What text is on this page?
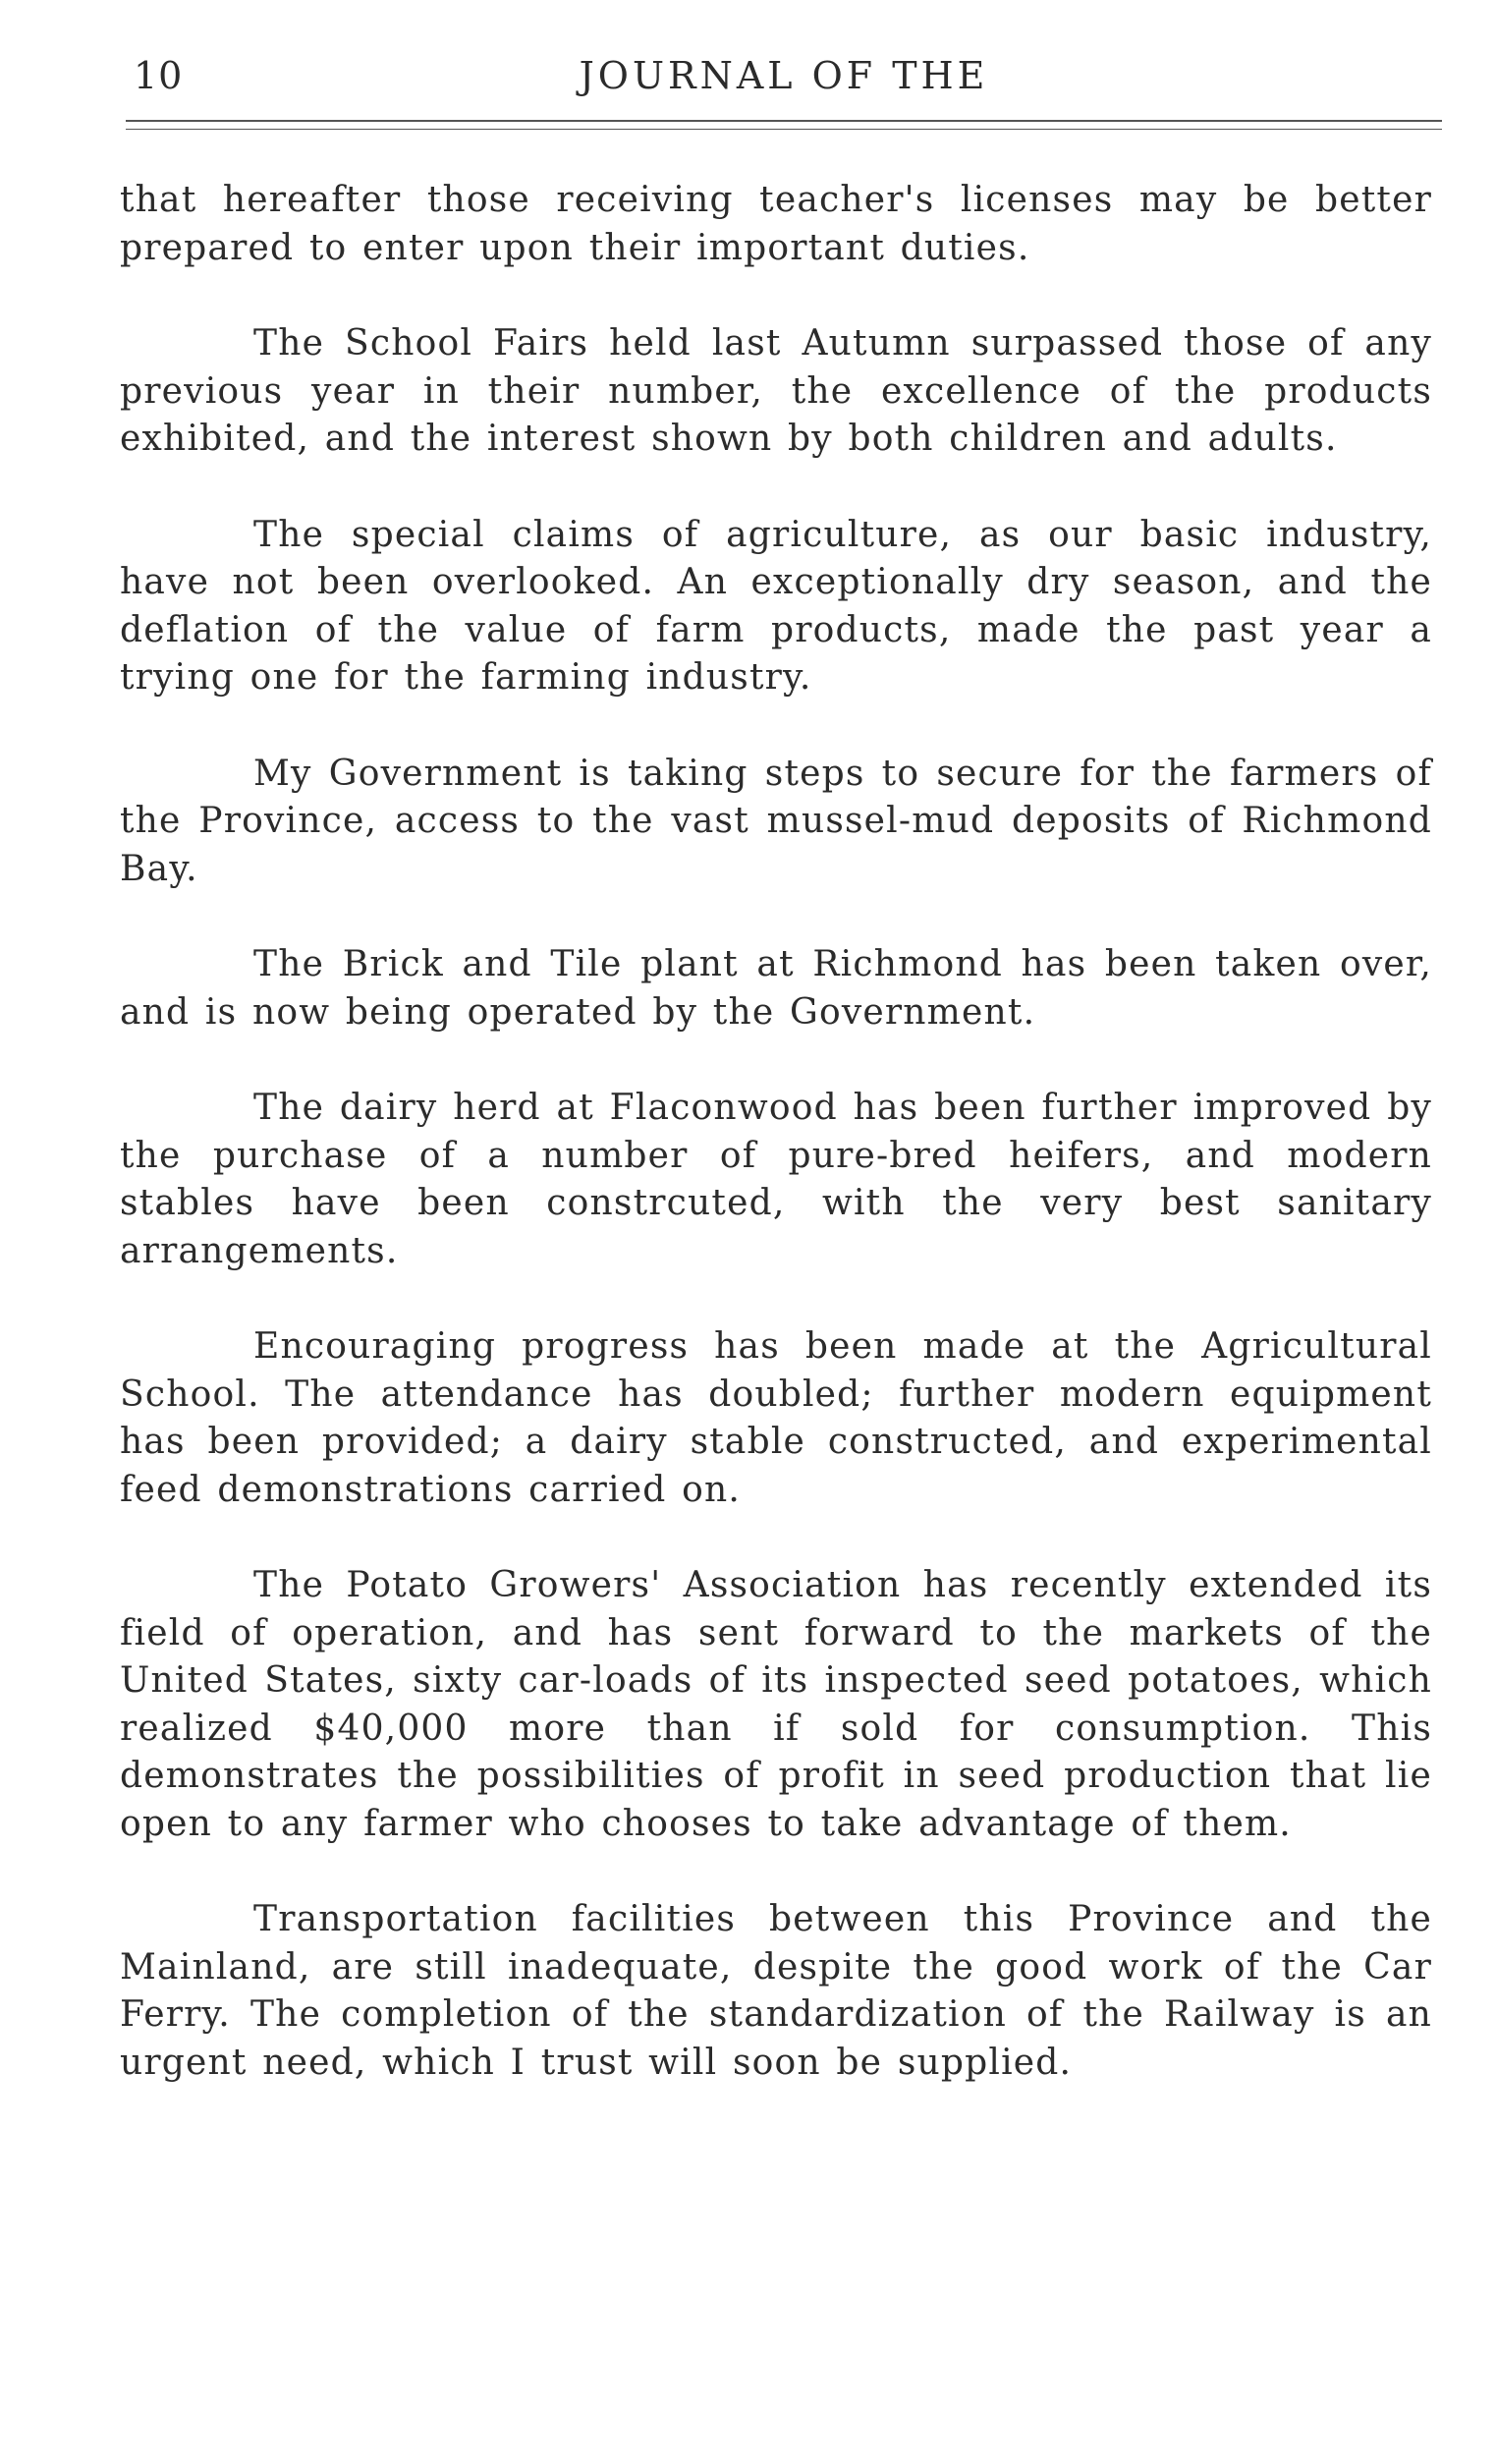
10	JOURNAL OF THE

that hereafter those receiving teacher's licenses may be better prepared to enter upon their important duties.

The School Fairs held last Autumn surpassed those of any previous year in their number, the excellence of the products exhibited, and the interest shown by both children and adults.

The special claims of agriculture, as our basic industry, have not been overlooked. An exceptionally dry season, and the deflation of the value of farm products, made the past year a trying one for the farming industry.

My Government is taking steps to secure for the farmers of the Province, access to the vast mussel-mud deposits of Richmond Bay.

The Brick and Tile plant at Richmond has been taken over, and is now being operated by the Government.

The dairy herd at Flaconwood has been further improved by the purchase of a number of pure-bred heifers, and modern stables have been constrcuted, with the very best sanitary arrangements.

Encouraging progress has been made at the Agricultural School. The attendance has doubled; further modern equipment has been provided; a dairy stable constructed, and experimental feed demonstrations carried on.

The Potato Growers' Association has recently extended its field of operation, and has sent forward to the markets of the United States, sixty car-loads of its inspected seed potatoes, which realized $40,000 more than if sold for consumption. This demonstrates the possibilities of profit in seed production that lie open to any farmer who chooses to take advantage of them.

Transportation facilities between this Province and the Mainland, are still inadequate, despite the good work of the Car Ferry. The completion of the standardization of the Railway is an urgent need, which I trust will soon be supplied.
